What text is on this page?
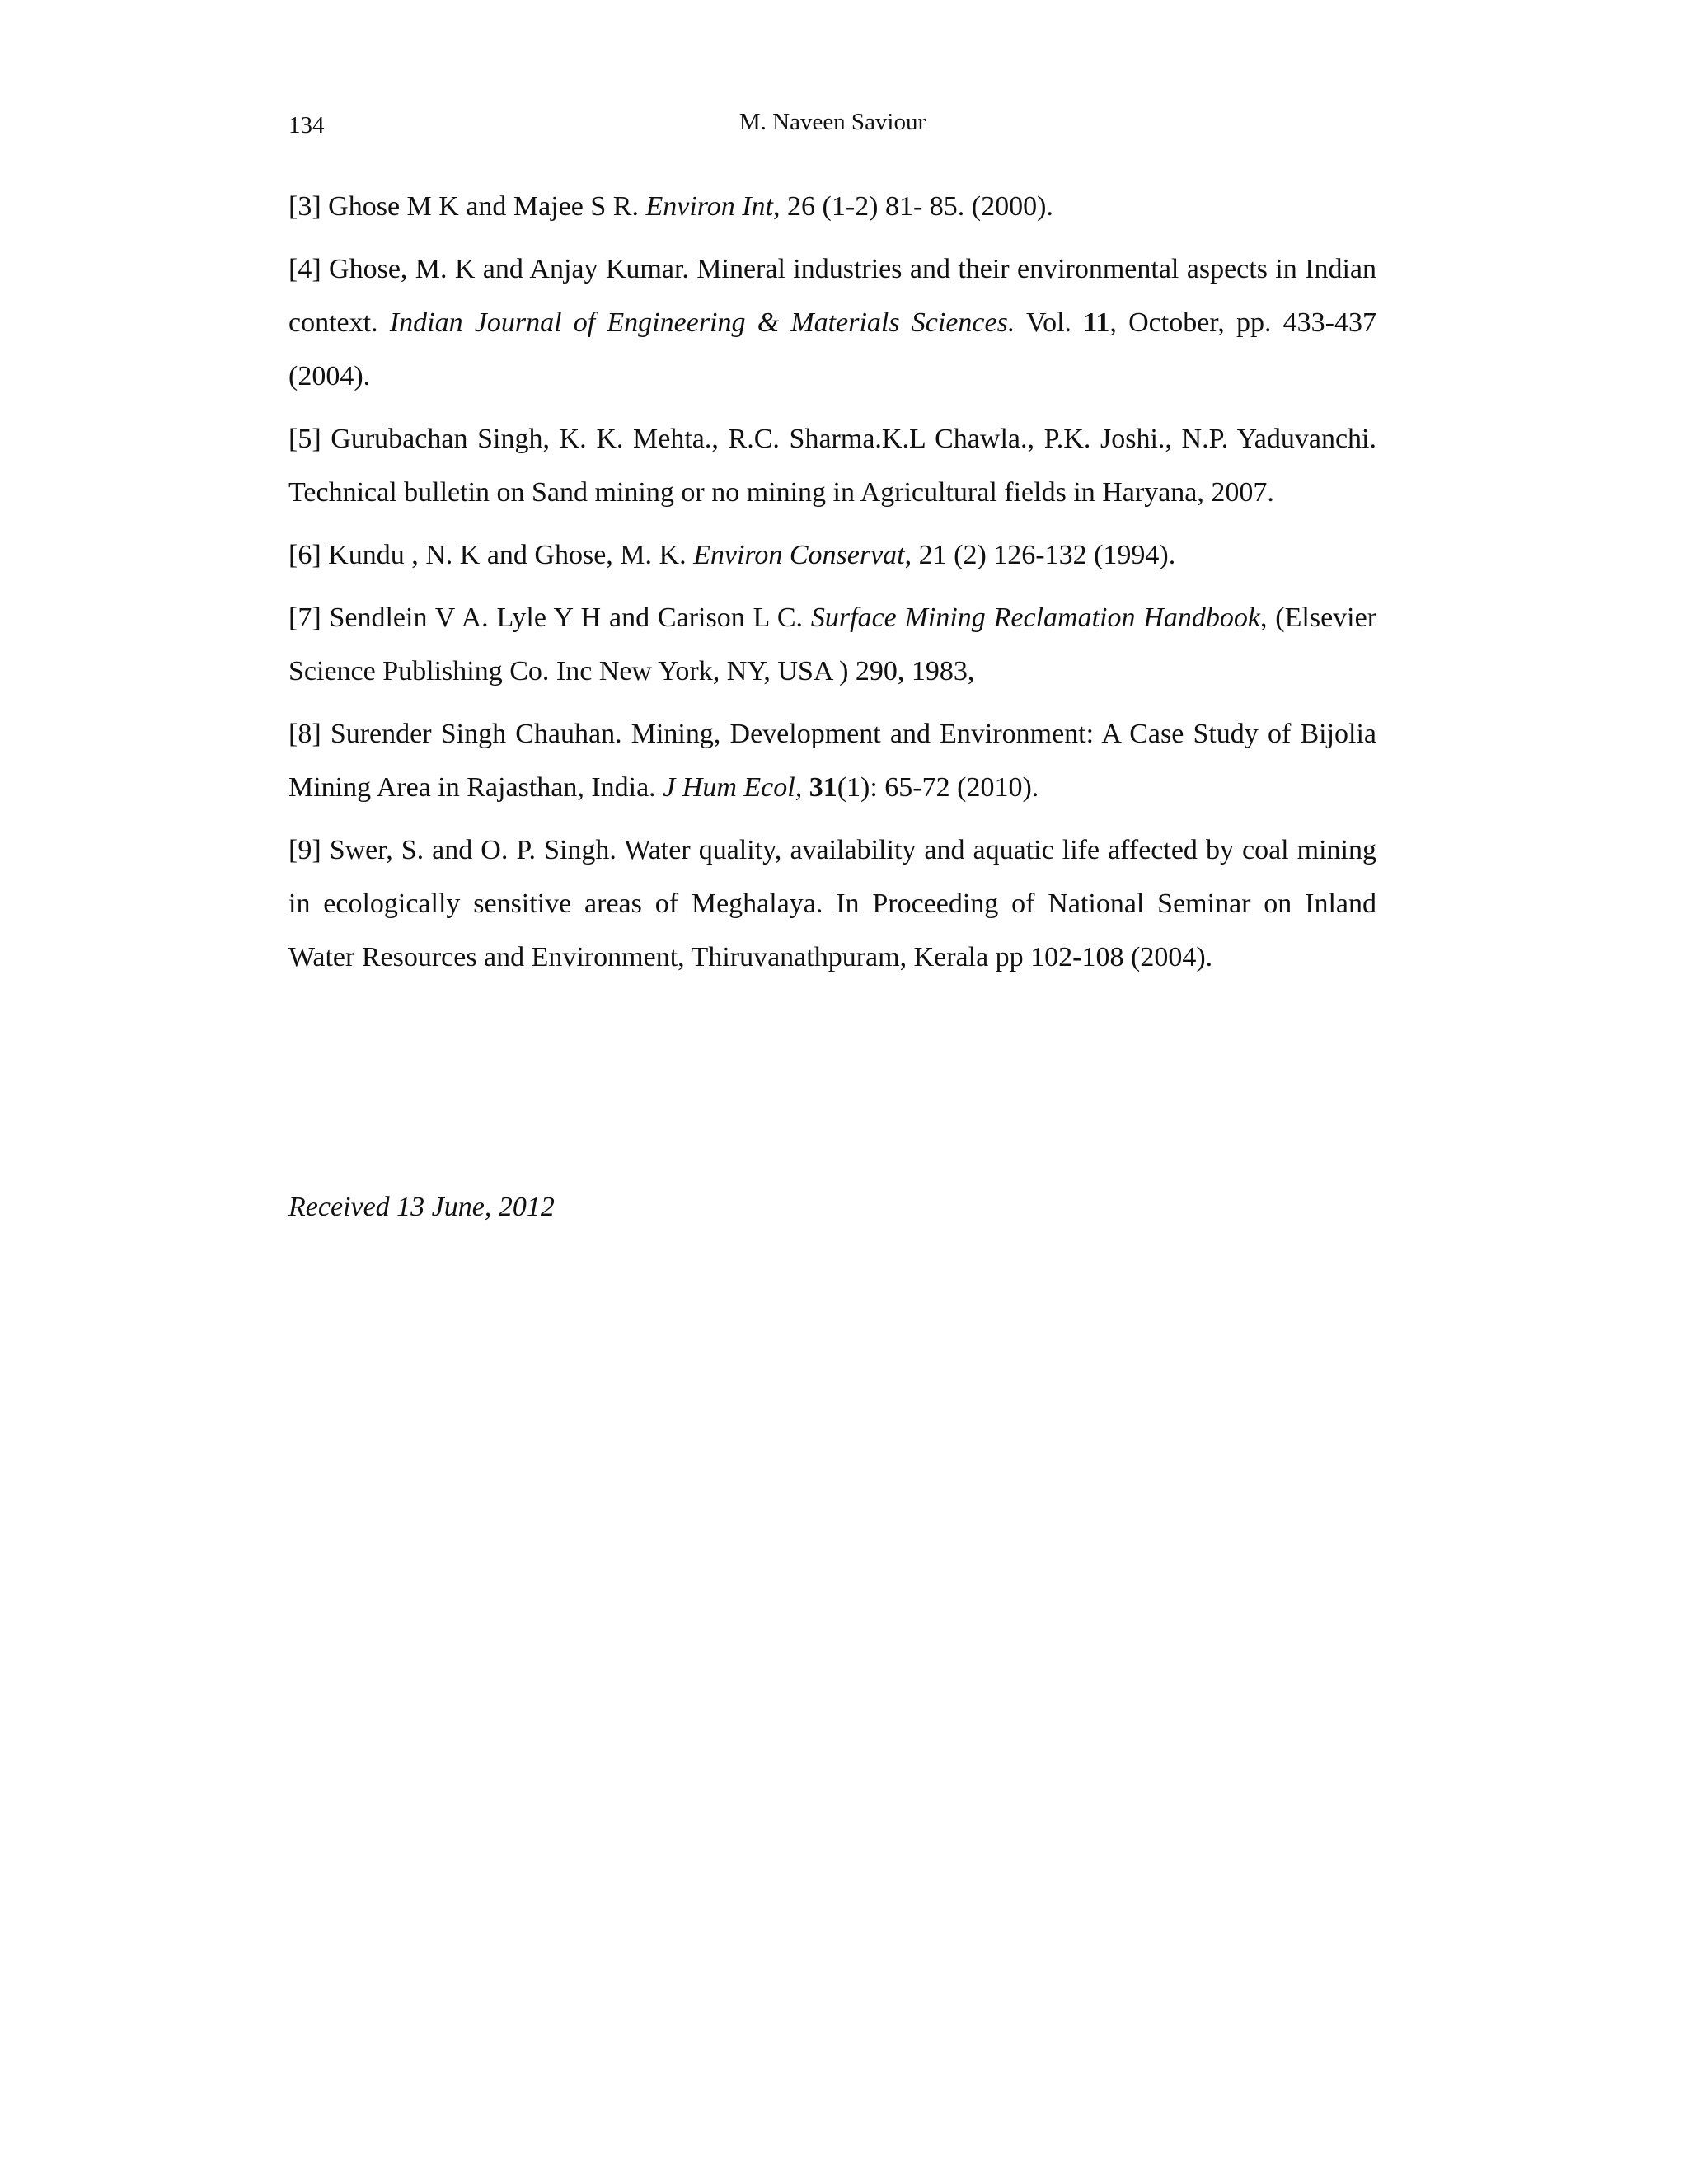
134	M. Naveen Saviour

[3] Ghose M K and Majee S R. Environ Int, 26 (1-2) 81- 85. (2000).

[4] Ghose, M. K and Anjay Kumar. Mineral industries and their environmental aspects in Indian context. Indian Journal of Engineering & Materials Sciences. Vol. 11, October, pp. 433-437 (2004).

[5] Gurubachan Singh, K. K. Mehta., R.C. Sharma.K.L Chawla., P.K. Joshi., N.P. Yaduvanchi. Technical bulletin on Sand mining or no mining in Agricultural fields in Haryana, 2007.

[6] Kundu , N. K and Ghose, M. K. Environ Conservat, 21 (2) 126-132 (1994).

[7] Sendlein V A. Lyle Y H and Carison L C. Surface Mining Reclamation Handbook, (Elsevier Science Publishing Co. Inc New York, NY, USA ) 290, 1983,

[8] Surender Singh Chauhan. Mining, Development and Environment: A Case Study of Bijolia Mining Area in Rajasthan, India. J Hum Ecol, 31(1): 65-72 (2010).

[9] Swer, S. and O. P. Singh. Water quality, availability and aquatic life affected by coal mining in ecologically sensitive areas of Meghalaya. In Proceeding of National Seminar on Inland Water Resources and Environment, Thiruvanathpuram, Kerala pp 102-108 (2004).

Received 13 June, 2012
